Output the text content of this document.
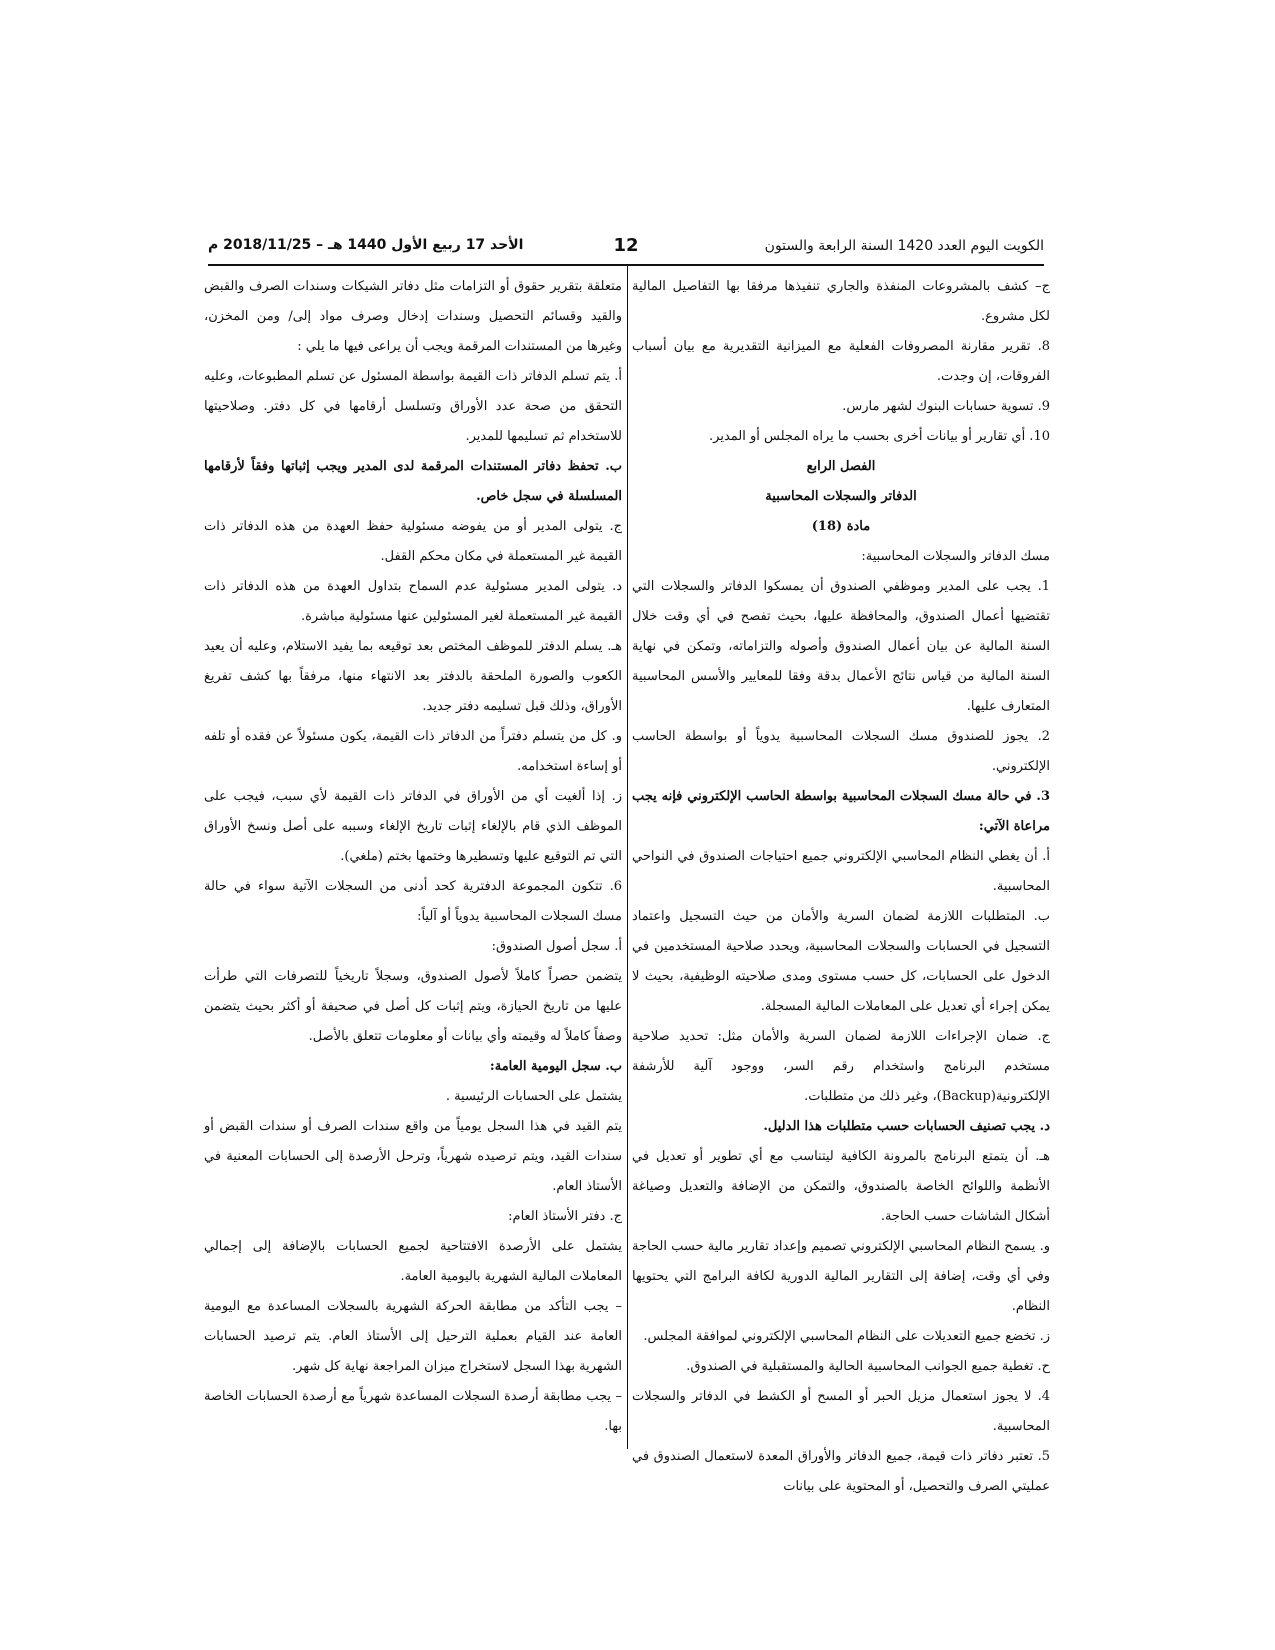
الكويت اليوم العدد 1420 السنة الرابعة والستون
12
الأحد 17 ربيع الأول 1440 هـ – 2018/11/25 م

ج– كشف بالمشروعات المنفذة والجاري تنفيذها مرفقا بها التفاصيل المالية لكل مشروع.

8. تقرير مقارنة المصروفات الفعلية مع الميزانية التقديرية مع بيان أسباب الفروقات، إن وجدت.

9. تسوية حسابات البنوك لشهر مارس.

10. أي تقارير أو بيانات أخرى بحسب ما يراه المجلس أو المدير.

الفصل الرابع

الدفاتر والسجلات المحاسبية

مادة (18)

مسك الدفاتر والسجلات المحاسبية:

1. يجب على المدير وموظفي الصندوق أن يمسكوا الدفاتر والسجلات التي تقتضيها أعمال الصندوق، والمحافظة عليها، بحيث تفصح في أي وقت خلال السنة المالية عن بيان أعمال الصندوق وأصوله والتزاماته، وتمكن في نهاية السنة المالية من قياس نتائج الأعمال بدقة وفقا للمعايير والأسس المحاسبية المتعارف عليها.

2. يجوز للصندوق مسك السجلات المحاسبية يدوياً أو بواسطة الحاسب الإلكتروني.

3. في حالة مسك السجلات المحاسبية بواسطة الحاسب الإلكتروني فإنه يجب مراعاة الآتي:

أ. أن يغطي النظام المحاسبي الإلكتروني جميع احتياجات الصندوق في النواحي المحاسبية.

ب. المتطلبات اللازمة لضمان السرية والأمان من حيث التسجيل واعتماد التسجيل في الحسابات والسجلات المحاسبية، ويحدد صلاحية المستخدمين في الدخول على الحسابات، كل حسب مستوى ومدى صلاحيته الوظيفية، بحيث لا يمكن إجراء أي تعديل على المعاملات المالية المسجلة.

ج. ضمان الإجراءات اللازمة لضمان السرية والأمان مثل: تحديد صلاحية مستخدم البرنامج واستخدام رقم السر، ووجود آلية للأرشفة الإلكترونية(Backup)، وغير ذلك من متطلبات.

د. يجب تصنيف الحسابات حسب متطلبات هذا الدليل.

هـ. أن يتمتع البرنامج بالمرونة الكافية ليتناسب مع أي تطوير أو تعديل في الأنظمة واللوائح الخاصة بالصندوق، والتمكن من الإضافة والتعديل وصياغة أشكال الشاشات حسب الحاجة.

و. يسمح النظام المحاسبي الإلكتروني تصميم وإعداد تقارير مالية حسب الحاجة وفي أي وقت، إضافة إلى التقارير المالية الدورية لكافة البرامج التي يحتويها النظام.

ز. تخضع جميع التعديلات على النظام المحاسبي الإلكتروني لموافقة المجلس.

ح. تغطية جميع الجوانب المحاسبية الحالية والمستقبلية في الصندوق.

4. لا يجوز استعمال مزيل الحبر أو المسح أو الكشط في الدفاتر والسجلات المحاسبية.

5. تعتبر دفاتر ذات قيمة، جميع الدفاتر والأوراق المعدة لاستعمال الصندوق في عمليتي الصرف والتحصيل، أو المحتوية على بيانات

متعلقة بتقرير حقوق أو التزامات مثل دفاتر الشيكات وسندات الصرف والقبض والقيد وقسائم التحصيل وسندات إدخال وصرف مواد إلى/ ومن المخزن، وغيرها من المستندات المرقمة ويجب أن يراعى فيها ما يلي :

أ. يتم تسلم الدفاتر ذات القيمة بواسطة المسئول عن تسلم المطبوعات، وعليه التحقق من صحة عدد الأوراق وتسلسل أرقامها في كل دفتر. وصلاحيتها للاستخدام ثم تسليمها للمدير.

ب. تحفظ دفاتر المستندات المرقمة لدى المدير ويجب إثباتها وفقاً لأرقامها المسلسلة في سجل خاص.

ج. يتولى المدير أو من يفوضه مسئولية حفظ العهدة من هذه الدفاتر ذات القيمة غير المستعملة في مكان محكم القفل.

د. يتولى المدير مسئولية عدم السماح بتداول العهدة من هذه الدفاتر ذات القيمة غير المستعملة لغير المسئولين عنها مسئولية مباشرة.

هـ. يسلم الدفتر للموظف المختص بعد توقيعه بما يفيد الاستلام، وعليه أن يعيد الكعوب والصورة الملحقة بالدفتر بعد الانتهاء منها، مرفقاً بها كشف تفريغ الأوراق، وذلك قبل تسليمه دفتر جديد.

و. كل من يتسلم دفتراً من الدفاتر ذات القيمة، يكون مسئولاً عن فقده أو تلفه أو إساءة استخدامه.

ز. إذا ألغيت أي من الأوراق في الدفاتر ذات القيمة لأي سبب، فيجب على الموظف الذي قام بالإلغاء إثبات تاريخ الإلغاء وسببه على أصل ونسخ الأوراق التي تم التوقيع عليها وتسطيرها وختمها بختم (ملغي).

6. تتكون المجموعة الدفترية كحد أدنى من السجلات الآتية سواء في حالة مسك السجلات المحاسبية يدوياً أو آلياً:

أ. سجل أصول الصندوق:

يتضمن حصراً كاملاً لأصول الصندوق، وسجلاً تاريخياً للتصرفات التي طرأت عليها من تاريخ الحيازة، ويتم إثبات كل أصل في صحيفة أو أكثر بحيث يتضمن وصفاً كاملاً له وقيمته وأي بيانات أو معلومات تتعلق بالأصل.

ب. سجل اليومية العامة:

يشتمل على الحسابات الرئيسية .

يتم القيد في هذا السجل يومياً من واقع سندات الصرف أو سندات القبض أو سندات القيد، ويتم ترصيده شهرياً، وترحل الأرصدة إلى الحسابات المعنية في الأستاذ العام.

ج. دفتر الأستاذ العام:

يشتمل على الأرصدة الافتتاحية لجميع الحسابات بالإضافة إلى إجمالي المعاملات المالية الشهرية باليومية العامة.

– يجب التأكد من مطابقة الحركة الشهرية بالسجلات المساعدة مع اليومية العامة عند القيام بعملية الترحيل إلى الأستاذ العام. يتم ترصيد الحسابات الشهرية بهذا السجل لاستخراج ميزان المراجعة نهاية كل شهر.

– يجب مطابقة أرصدة السجلات المساعدة شهرياً مع أرصدة الحسابات الخاصة بها.
